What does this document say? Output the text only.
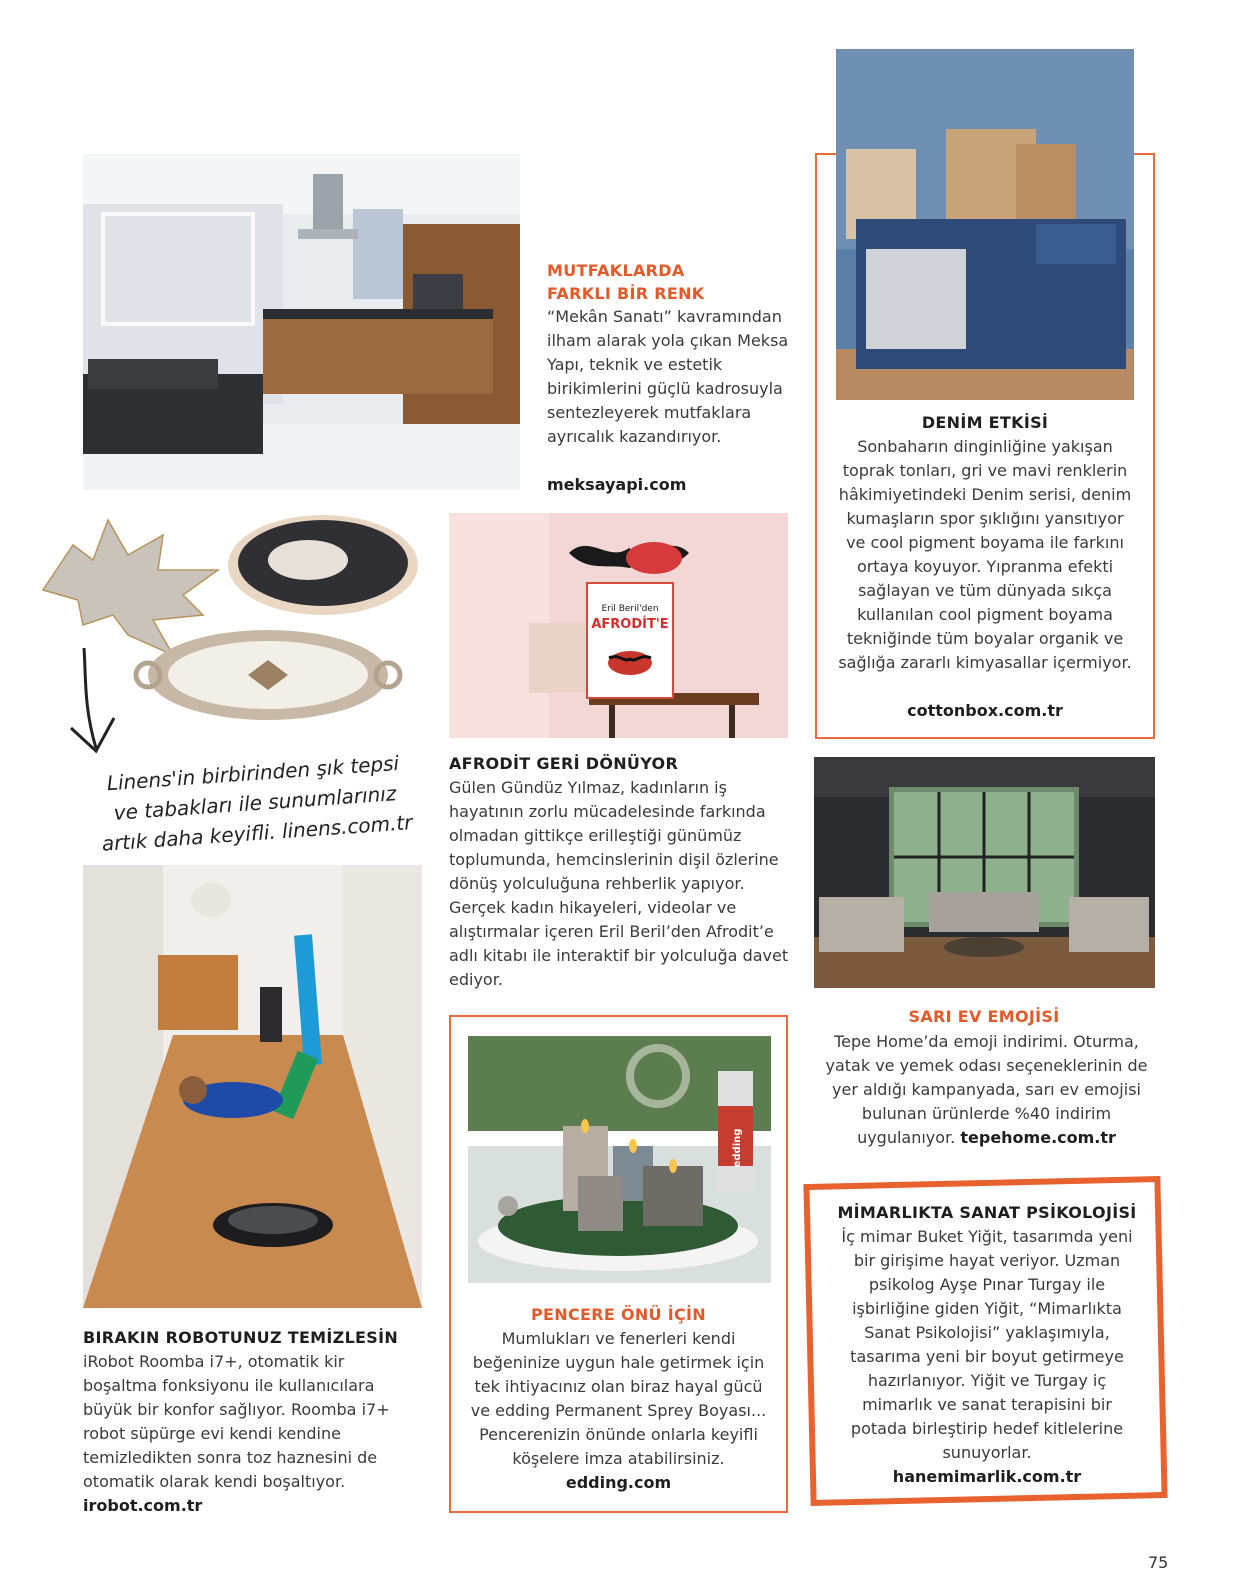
MUTFAKLARDA
FARKLI BİR RENK
“Mekân Sanatı” kavramından ilham alarak yola çıkan Meksa Yapı, teknik ve estetik birikimlerini güçlü kadrosuyla sentezleyerek mutfaklara ayrıcalık kazandırıyor.
meksayapi.com
DENİM ETKİSİ
Sonbaharın dinginliğine yakışan toprak tonları, gri ve mavi renklerin hâkimiyetindeki Denim serisi, denim kumaşların spor şıklığını yansıtıyor ve cool pigment boyama ile farkını ortaya koyuyor. Yıpranma efekti sağlayan ve tüm dünyada sıkça kullanılan cool pigment boyama tekniğinde tüm boyalar organik ve sağlığa zararlı kimyasallar içermiyor.
cottonbox.com.tr
Linens'in birbirinden şık tepsi ve tabakları ile sunumlarınız artık daha keyifli. linens.com.tr
Eril Beril'den
AFRODİT'E
AFRODİT GERİ DÖNÜYOR
Gülen Gündüz Yılmaz, kadınların iş hayatının zorlu mücadelesinde farkında olmadan gittikçe erilleştiği günümüz toplumunda, hemcinslerinin dişil özlerine dönüş yolculuğuna rehberlik yapıyor. Gerçek kadın hikayeleri, videolar ve alıştırmalar içeren Eril Beril’den Afrodit’e adlı kitabı ile interaktif bir yolculuğa davet ediyor.
SARI EV EMOJİSİ
Tepe Home’da emoji indirimi. Oturma, yatak ve yemek odası seçeneklerinin de yer aldığı kampanyada, sarı ev emojisi bulunan ürünlerde %40 indirim uygulanıyor. tepehome.com.tr
BIRAKIN ROBOTUNUZ TEMİZLESİN
iRobot Roomba i7+, otomatik kir boşaltma fonksiyonu ile kullanıcılara büyük bir konfor sağlıyor. Roomba i7+ robot süpürge evi kendi kendine temizledikten sonra toz haznesini de otomatik olarak kendi boşaltıyor.
irobot.com.tr
edding
PENCERE ÖNÜ İÇİN
Mumlukları ve fenerleri kendi beğeninize uygun hale getirmek için tek ihtiyacınız olan biraz hayal gücü ve edding Permanent Sprey Boyası... Pencerenizin önünde onlarla keyifli köşelere imza atabilirsiniz. edding.com
MİMARLIKTA SANAT PSİKOLOJİSİ
İç mimar Buket Yiğit, tasarımda yeni bir girişime hayat veriyor. Uzman psikolog Ayşe Pınar Turgay ile işbirliğine giden Yiğit, “Mimarlıkta Sanat Psikolojisi” yaklaşımıyla, tasarıma yeni bir boyut getirmeye hazırlanıyor. Yiğit ve Turgay iç mimarlık ve sanat terapisini bir potada birleştirip hedef kitlelerine sunuyorlar.
hanemimarlik.com.tr
75
